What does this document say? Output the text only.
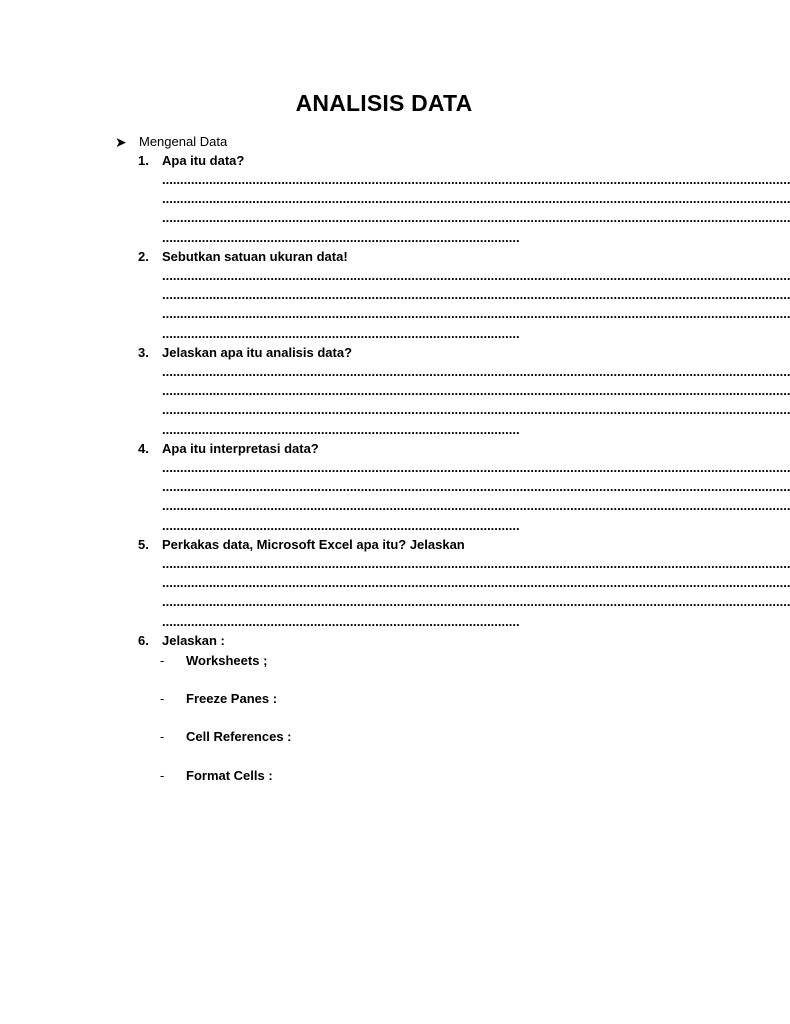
ANALISIS DATA
➤ Mengenal Data
1.	Apa itu data?
..............................................................................................................................................................................
..............................................................................................................................................................................
..............................................................................................................................................................................
...................................................................................................
2.	Sebutkan satuan ukuran data!
..............................................................................................................................................................................
..............................................................................................................................................................................
..............................................................................................................................................................................
...................................................................................................
3.	Jelaskan apa itu analisis data?
..............................................................................................................................................................................
..............................................................................................................................................................................
..............................................................................................................................................................................
...................................................................................................
4.	Apa itu interpretasi data?
..............................................................................................................................................................................
..............................................................................................................................................................................
..............................................................................................................................................................................
...................................................................................................
5.	Perkakas data, Microsoft Excel apa itu? Jelaskan
..............................................................................................................................................................................
..............................................................................................................................................................................
..............................................................................................................................................................................
...................................................................................................
6.	Jelaskan :
-	Worksheets ;
-	Freeze Panes :
-	Cell References :
-	Format Cells :
